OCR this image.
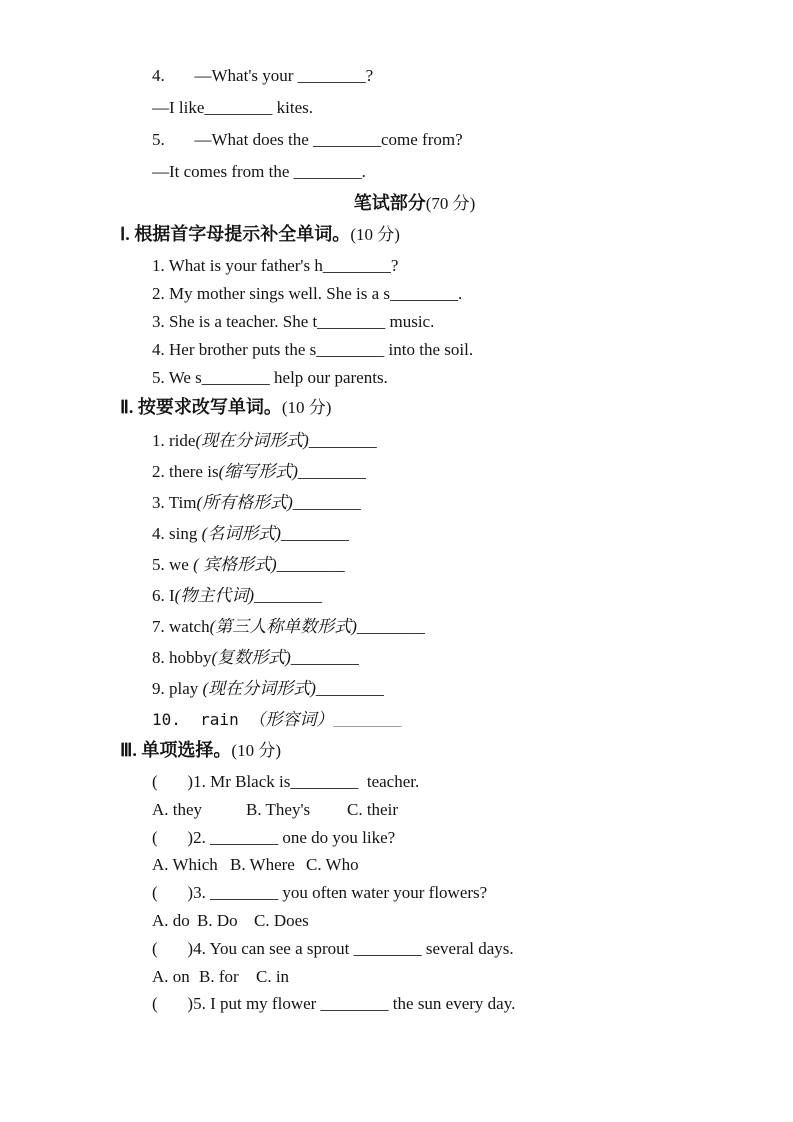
4.       —What's your ________?
—I like________ kites.
5.       —What does the ________come from?
—It comes from the ________.
笔试部分(70 分)
Ⅰ. 根据首字母提示补全单词。(10 分)
1. What is your father's h________?
2. My mother sings well. She is a s________.
3. She is a teacher. She t________ music.
4. Her brother puts the s________ into the soil.
5. We s________ help our parents.
Ⅱ. 按要求改写单词。(10 分)
1. ride(现在分词形式)________
2. there is(缩写形式)________
3. Tim(所有格形式)________
4. sing (名词形式)________
5. we ( 宾格形式)________
6. I(物主代词)________
7. watch(第三人称单数形式)________
8. hobby(复数形式)________
9. play (现在分词形式)________
10.  rain （形容词）________
Ⅲ. 单项选择。(10 分)
(       )1. Mr Black is________  teacher.
A. they	B. They's C. their
(       )2. ________ one do you like?
A. Which B. Where C. Who
(       )3. ________ you often water your flowers?
A. do B. Do C. Does
(       )4. You can see a sprout ________ several days.
A. on B. for C. in
(       )5. I put my flower ________ the sun every day.
